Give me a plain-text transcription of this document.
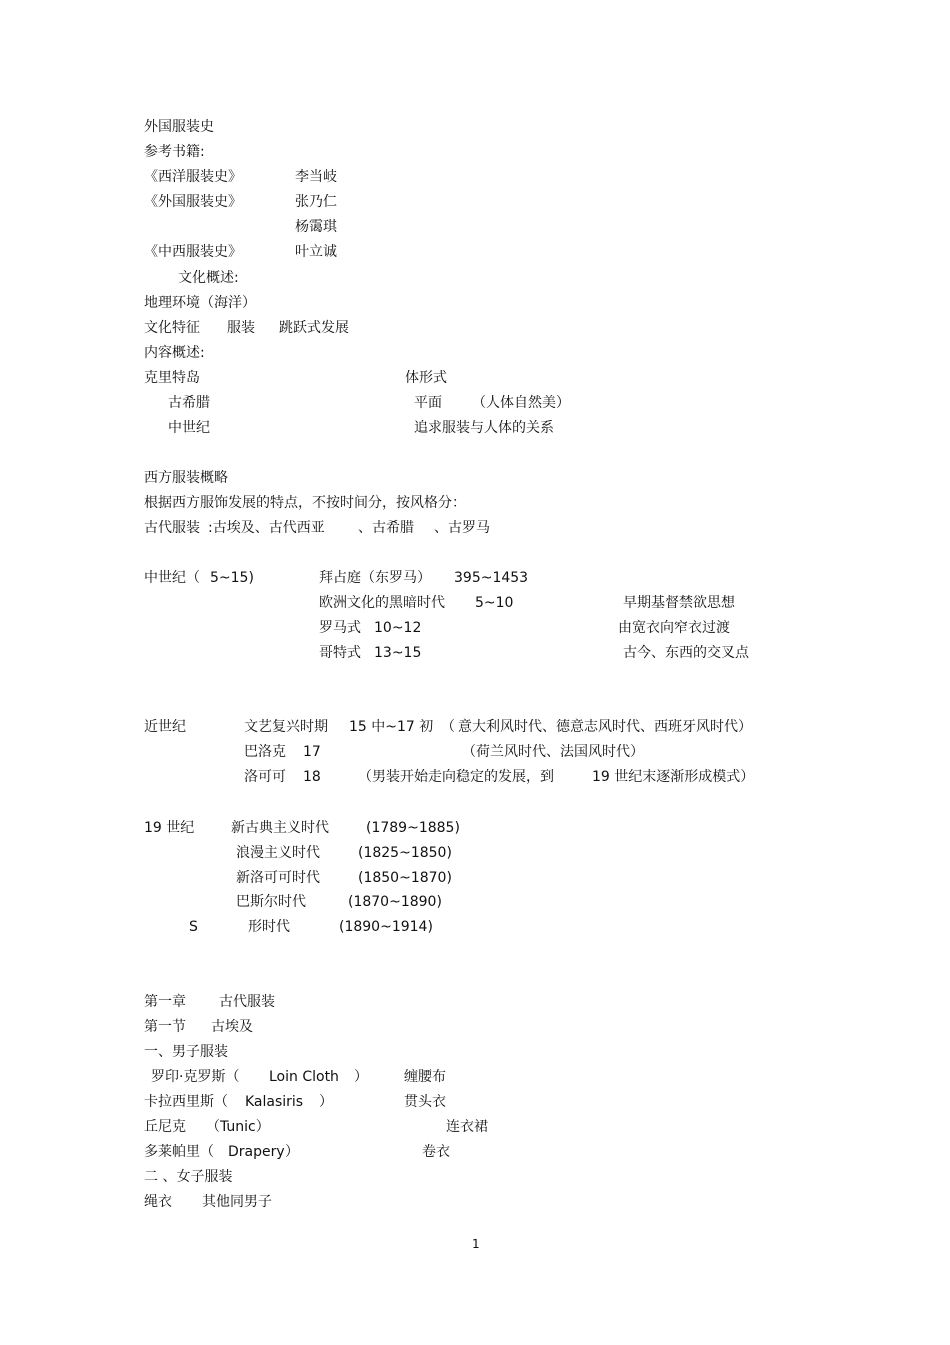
外国服装史
参考书籍:
《西洋服装史》	李当岐
《外国服装史》	张乃仁
杨霭琪
《中西服装史》	叶立诚
文化概述:
地理环境（海洋）
文化特征 服装 跳跃式发展
内容概述:
克里特岛	体形式
古希腊	平面 （人体自然美）
中世纪	追求服装与人体的关系
西方服装概略
根据西方服饰发展的特点，不按时间分，按风格分：
古代服装 :古埃及、古代西亚 、古希腊 、古罗马
中世纪（ 5~15)	拜占庭（东罗马） 395~1453
欧洲文化的黑暗时代 5~10	早期基督禁欲思想
罗马式 10~12	由宽衣向窄衣过渡
哥特式 13~15	古今、东西的交叉点
近世纪	文艺复兴时期 15 中~17 初 （ 意大利风时代、德意志风时代、西班牙风时代）
巴洛克 17	（荷兰风时代、法国风时代）
洛可可 18	（男装开始走向稳定的发展，到	19 世纪末逐渐形成模式）
19 世纪	新古典主义时代	(1789~1885)
浪漫主义时代	(1825~1850)
新洛可可时代	(1850~1870)
巴斯尔时代	(1870~1890)
S	形时代	(1890~1914)
第一章 古代服装
第一节 古埃及
一、男子服装
罗印·克罗斯（ Loin Cloth ）	缠腰布
卡拉西里斯（ Kalasiris ）	贯头衣
丘尼克 （Tunic）	连衣裙
多莱帕里（ Drapery ）	卷衣
二 、女子服装
绳衣 其他同男子
1
